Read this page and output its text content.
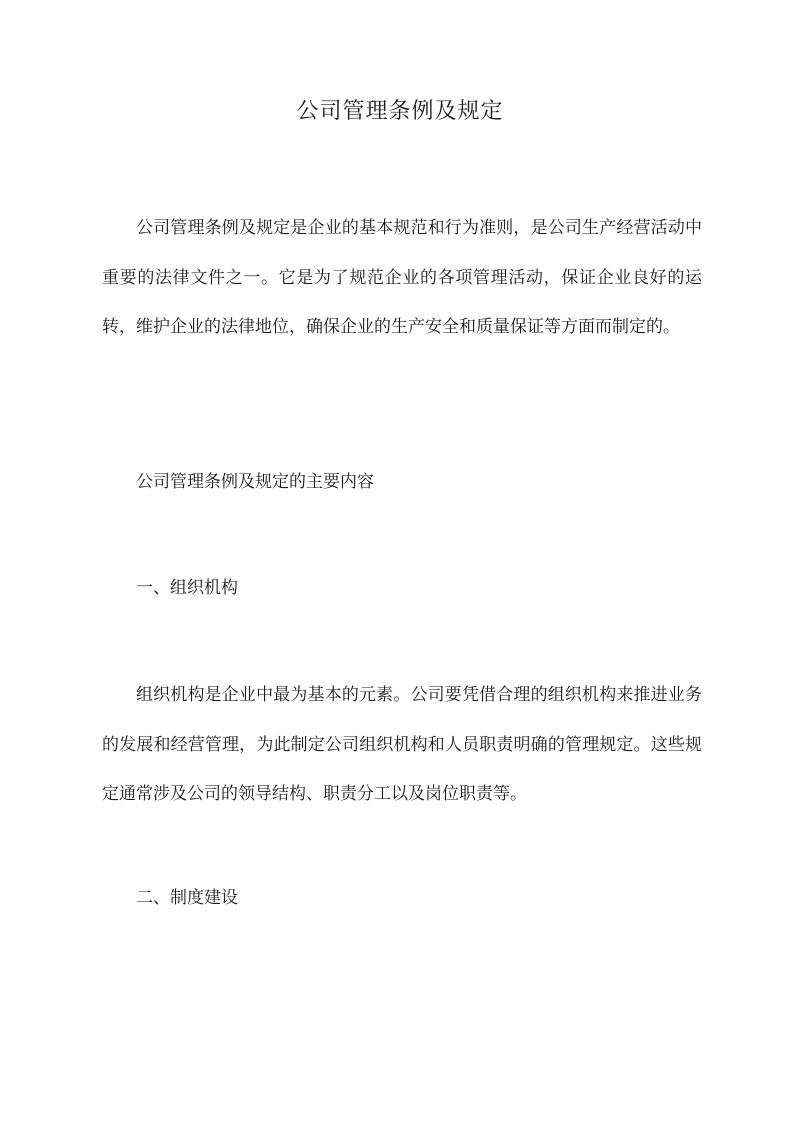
公司管理条例及规定

公司管理条例及规定是企业的基本规范和行为准则，是公司生产经营活动中重要的法律文件之一。它是为了规范企业的各项管理活动，保证企业良好的运转，维护企业的法律地位，确保企业的生产安全和质量保证等方面而制定的。

公司管理条例及规定的主要内容
一、组织机构

组织机构是企业中最为基本的元素。公司要凭借合理的组织机构来推进业务的发展和经营管理，为此制定公司组织机构和人员职责明确的管理规定。这些规定通常涉及公司的领导结构、职责分工以及岗位职责等。

二、制度建设
